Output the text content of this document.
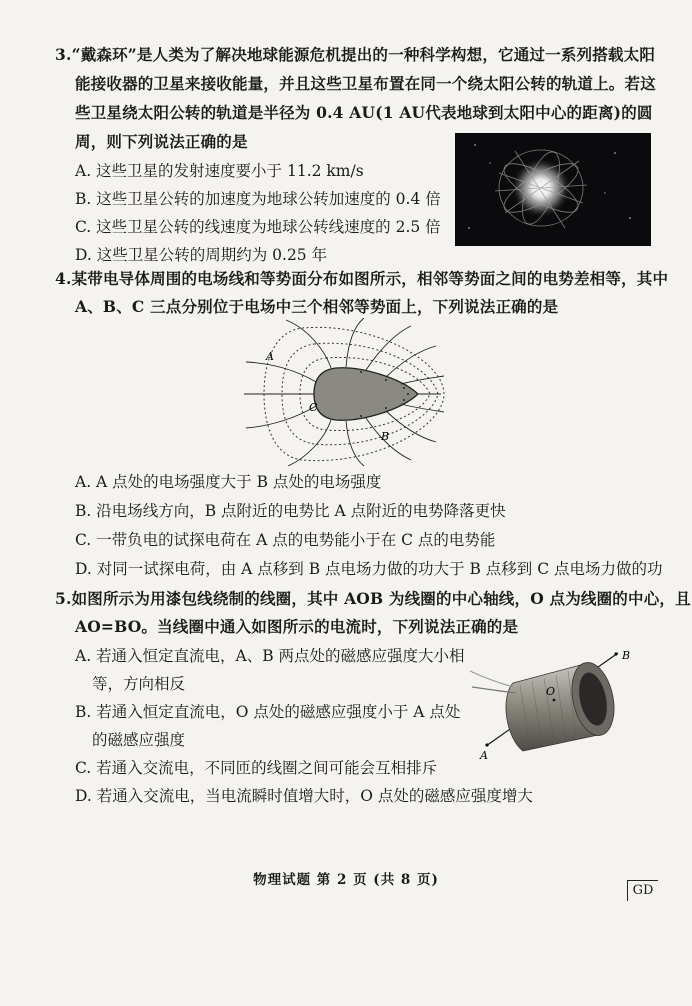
3.“戴森环”是人类为了解决地球能源危机提出的一种科学构想，它通过一系列搭载太阳
能接收器的卫星来接收能量，并且这些卫星布置在同一个绕太阳公转的轨道上。若这
些卫星绕太阳公转的轨道是半径为 0.4 AU(1 AU代表地球到太阳中心的距离)的圆
周，则下列说法正确的是
A. 这些卫星的发射速度要小于 11.2 km/s
B. 这些卫星公转的加速度为地球公转加速度的 0.4 倍
C. 这些卫星公转的线速度为地球公转线速度的 2.5 倍
D. 这些卫星公转的周期约为 0.25 年
4.某带电导体周围的电场线和等势面分布如图所示，相邻等势面之间的电势差相等，其中
A、B、C 三点分别位于电场中三个相邻等势面上，下列说法正确的是
A
B
C
A. A 点处的电场强度大于 B 点处的电场强度
B. 沿电场线方向，B 点附近的电势比 A 点附近的电势降落更快
C. 一带负电的试探电荷在 A 点的电势能小于在 C 点的电势能
D. 对同一试探电荷，由 A 点移到 B 点电场力做的功大于 B 点移到 C 点电场力做的功
5.如图所示为用漆包线绕制的线圈，其中 AOB 为线圈的中心轴线，O 点为线圈的中心，且
AO=BO。当线圈中通入如图所示的电流时，下列说法正确的是
A. 若通入恒定直流电，A、B 两点处的磁感应强度大小相
等，方向相反
B. 若通入恒定直流电，O 点处的磁感应强度小于 A 点处
的磁感应强度
C. 若通入交流电，不同匝的线圈之间可能会互相排斥
D. 若通入交流电，当电流瞬时值增大时，O 点处的磁感应强度增大
B
A
O
物理试题 第 2 页 (共 8 页)
GD
